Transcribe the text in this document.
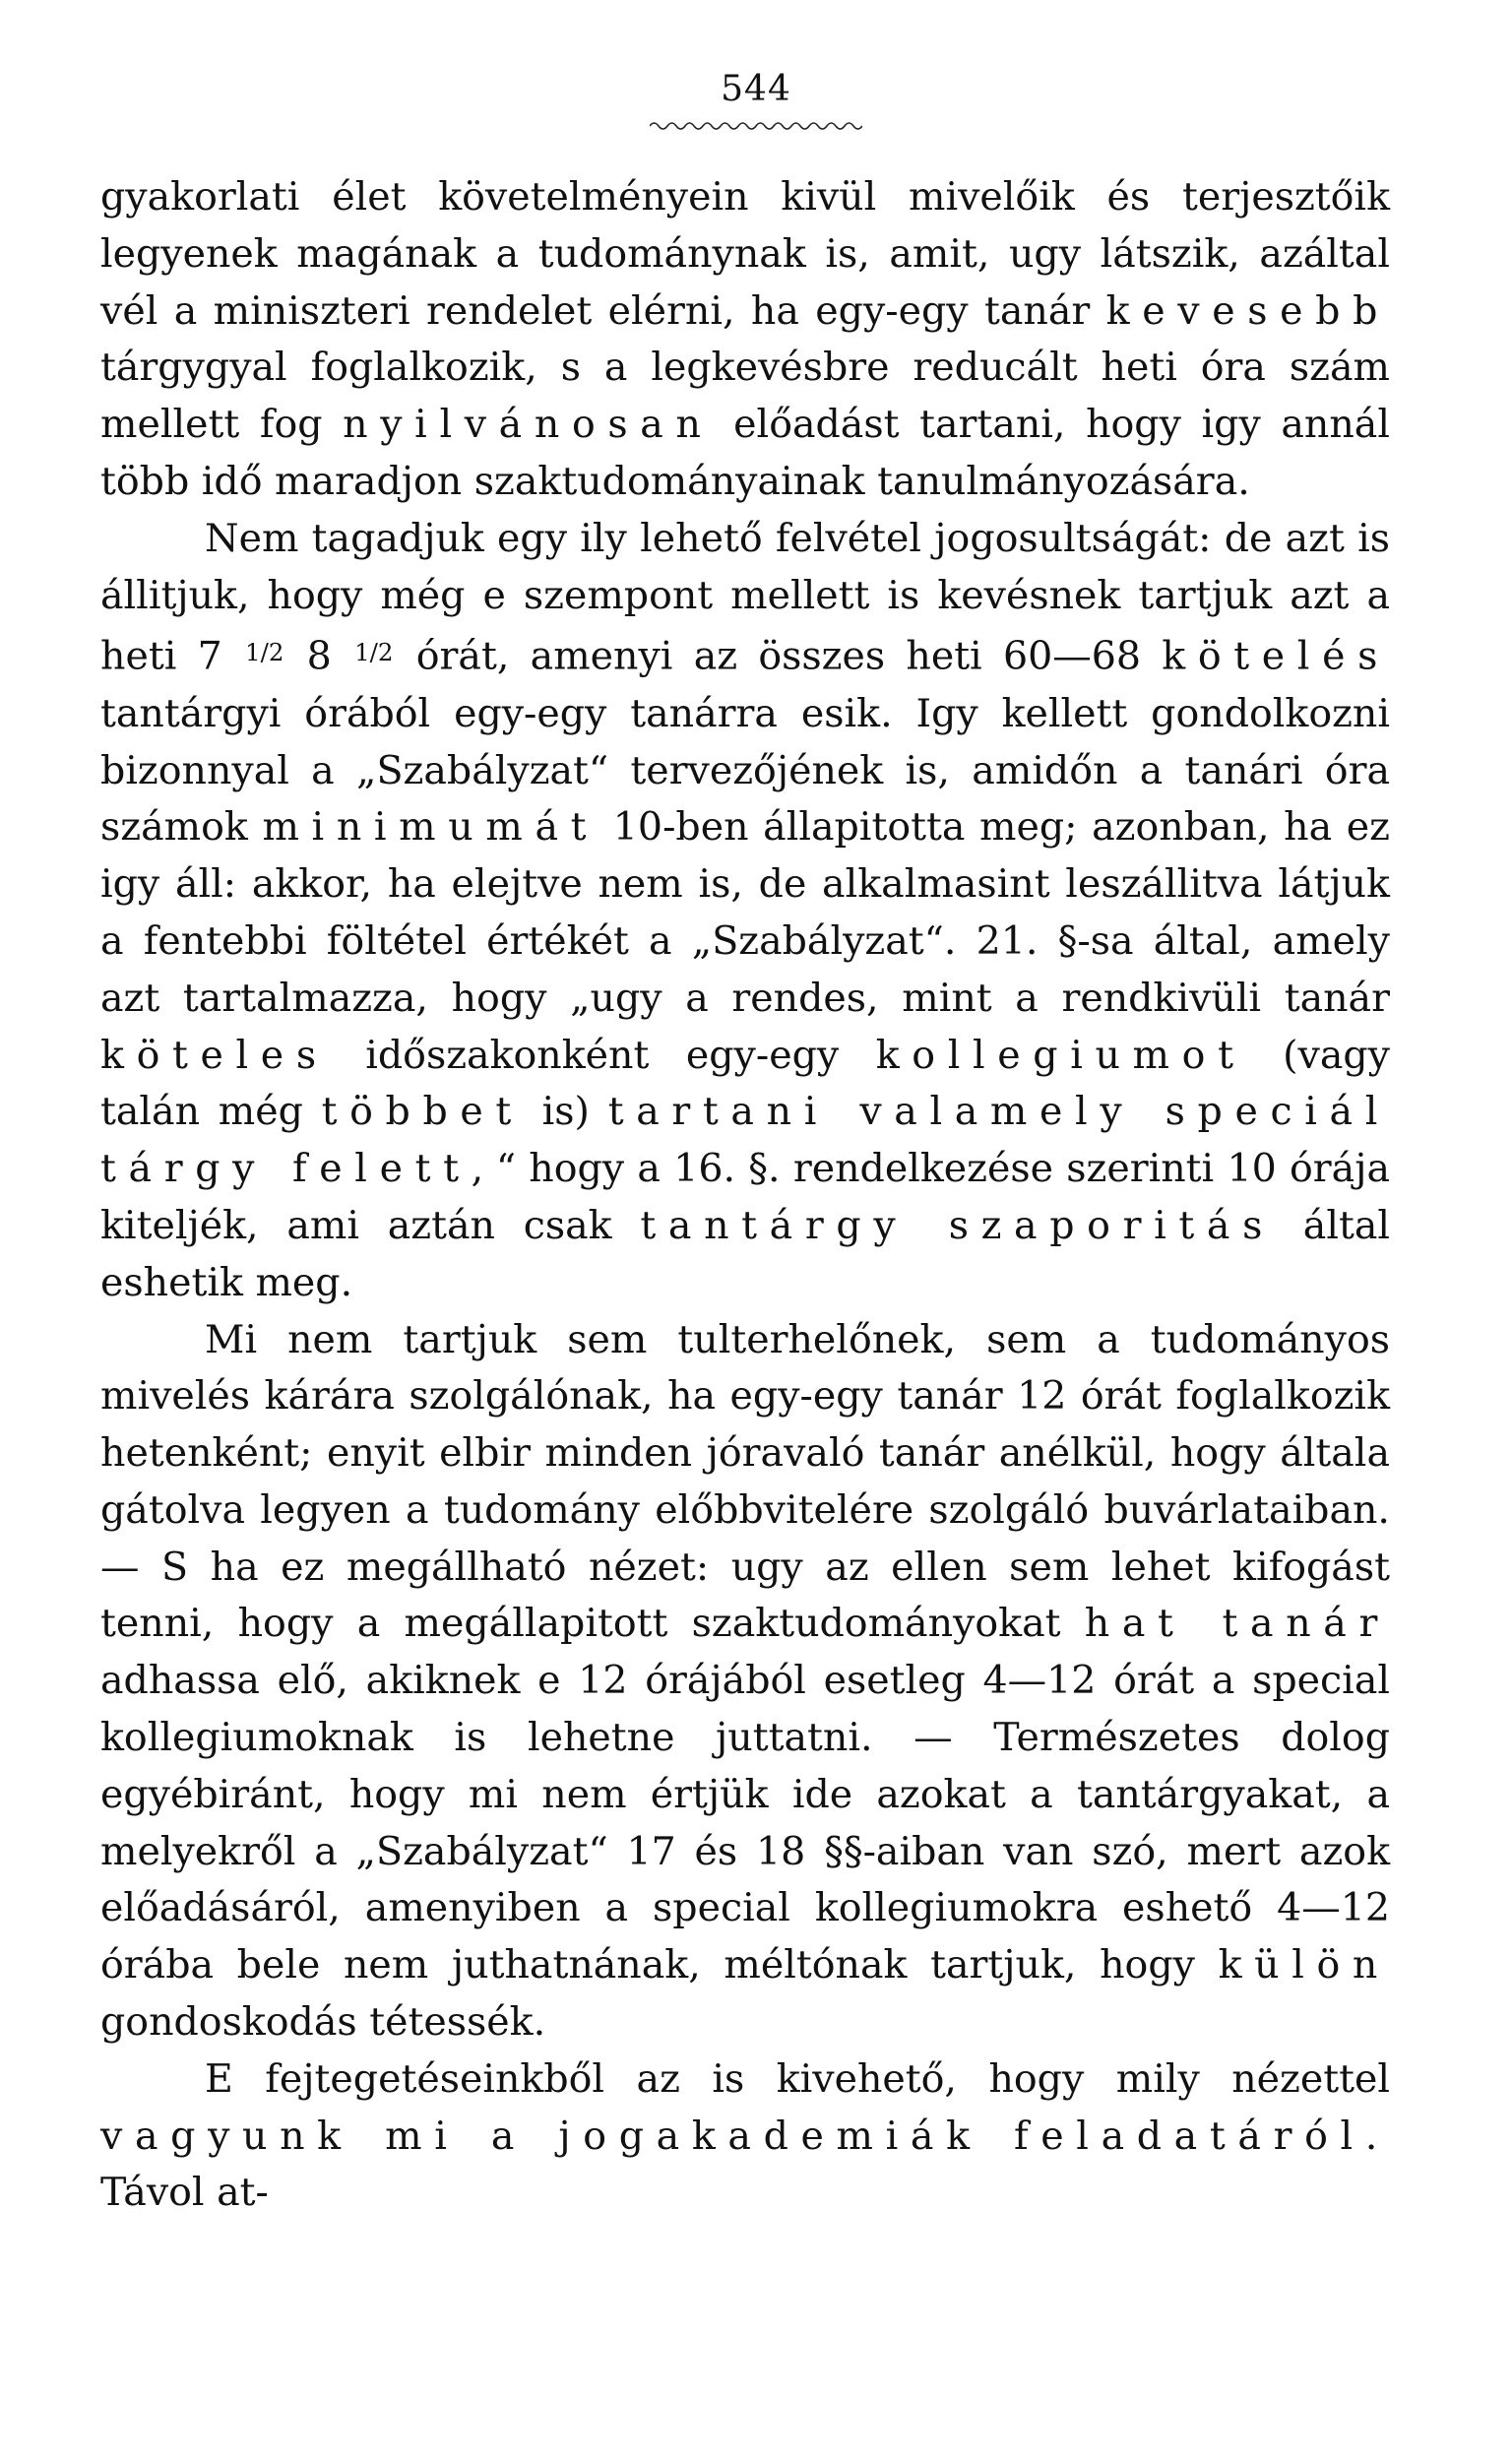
544

gyakorlati élet követelményein kivül mivelőik és terjesztőik legyenek magának a tudománynak is, amit, ugy látszik, azáltal vél a miniszteri rendelet elérni, ha egy-egy tanár kevesebb tárgygyal foglalkozik, s a legkevésbre reducált heti óra szám mellett fog nyilvánosan előadást tartani, hogy igy annál több idő maradjon szaktudományainak tanulmányozására.

Nem tagadjuk egy ily lehető felvétel jogosultságát: de azt is állitjuk, hogy még e szempont mellett is kevésnek tartjuk azt a heti 7 $^{1/2}$ 8 $^{1/2}$ órát, amenyi az összes heti 60—68 kötelés tantárgyi órából egy-egy tanárra esik. Igy kellett gondolkozni bizonnyal a „Szabályzat“ tervezőjének is, amidőn a tanári óra számok minimumát 10-ben állapitotta meg; azonban, ha ez igy áll: akkor, ha elejtve nem is, de alkalmasint leszállitva látjuk a fentebbi föltétel értékét a „Szabályzat“. 21. §-sa által, amely azt tartalmazza, hogy „ugy a rendes, mint a rendkivüli tanár köteles időszakonként egy-egy kollegiumot (vagy talán még többet is) tartani valamely speciál tárgy felett,“ hogy a 16. §. rendelkezése szerinti 10 órája kiteljék, ami aztán csak tantárgy szaporitás által eshetik meg.

Mi nem tartjuk sem tulterhelőnek, sem a tudományos mivelés kárára szolgálónak, ha egy-egy tanár 12 órát foglalkozik hetenként; enyit elbir minden jóravaló tanár anélkül, hogy általa gátolva legyen a tudomány előbbvitelére szolgáló buvárlataiban. — S ha ez megállható nézet: ugy az ellen sem lehet kifogást tenni, hogy a megállapitott szaktudományokat hat tanár adhassa elő, akiknek e 12 órájából esetleg 4—12 órát a special kollegiumoknak is lehetne juttatni. — Természetes dolog egyébiránt, hogy mi nem értjük ide azokat a tantárgyakat, a melyekről a „Szabályzat“ 17 és 18 §§-aiban van szó, mert azok előadásáról, amenyiben a special kollegiumokra eshető 4—12 órába bele nem juthatnának, méltónak tartjuk, hogy külön gondoskodás tétessék.

E fejtegetéseinkből az is kivehető, hogy mily nézettel vagyunk mi a jogakademiák feladatáról. Távol at-
